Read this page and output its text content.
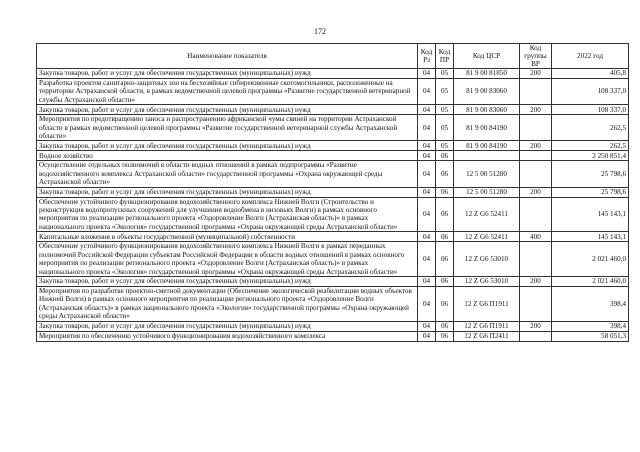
172
Наименование показателя	Код Рз	Код ПР	Код ЦСР	Код группы ВР	2022 год
Закупка товаров, работ и услуг для обеспечения государственных (муниципальных) нужд	04	05	81 9 00 81850	200	405,8
Разработка проектов санитарно-защитных зон на бесхозяйные сибиреязвенные скотомогильники, расположенные на территории Астраханской области, в рамках ведомственной целевой программы «Развитие государственной ветеринарной службы Астраханской области»	04	05	81 9 00 83060		108 337,0
Закупка товаров, работ и услуг для обеспечения государственных (муниципальных) нужд	04	05	81 9 00 83060	200	108 337,0
Мероприятия по предотвращению заноса и распространению африканской чумы свиней на территории Астраханской области в рамках ведомственной целевой программы «Развитие государственной ветеринарной службы Астраханской области»	04	05	81 9 00 84190		262,5
Закупка товаров, работ и услуг для обеспечения государственных (муниципальных) нужд	04	05	81 9 00 84190	200	262,5
Водное хозяйство	04	06			2 250 851,4
Осуществление отдельных полномочий в области водных отношений в рамках подпрограммы «Развитие водохозяйственного комплекса Астраханской области» государственной программы «Охрана окружающей среды Астраханской области»	04	06	12 5 00 51280		25 798,6
Закупка товаров, работ и услуг для обеспечения государственных (муниципальных) нужд	04	06	12 5 00 51280	200	25 798,6
Обеспечение устойчивого функционирования водохозяйственного комплекса Нижней Волги (Строительство и реконструкция водопропускных сооружений для улучшения водообмена в низовьях Волги) в рамках основного мероприятия по реализации регионального проекта «Оздоровление Волги (Астраханская область)» в рамках национального проекта «Экология» государственной программы «Охрана окружающей среды Астраханской области»	04	06	12 Z G6 52411		145 143,1
Капитальные вложения в объекты государственной (муниципальной) собственности	04	06	12 Z G6 52411	400	145 143,1
Обеспечение устойчивого функционирования водохозяйственного комплекса Нижней Волги в рамках переданных полномочий Российской Федерации субъектам Российской Федерации в области водных отношений в рамках основного мероприятия по реализации регионального проекта «Оздоровление Волги (Астраханская область)» в рамках национального проекта «Экология» государственной программы «Охрана окружающей среды Астраханской области»	04	06	12 Z G6 53010		2 021 460,0
Закупка товаров, работ и услуг для обеспечения государственных (муниципальных) нужд	04	06	12 Z G6 53010	200	2 021 460,0
Мероприятия по разработке проектно-сметной документации (Обеспечение экологической реабилитации водных объектов Нижней Волги) в рамках основного мероприятия по реализации регионального проекта «Оздоровление Волги (Астраханская область)» в рамках национального проекта «Экология» государственной программы «Охрана окружающей среды Астраханской области»	04	06	12 Z G6 П1911		398,4
Закупка товаров, работ и услуг для обеспечения государственных (муниципальных) нужд	04	06	12 Z G6 П1911	200	398,4
Мероприятия по обеспечению устойчивого функционирования водохозяйственного комплекса	04	06	12 Z G6 П2411		58 051,3
